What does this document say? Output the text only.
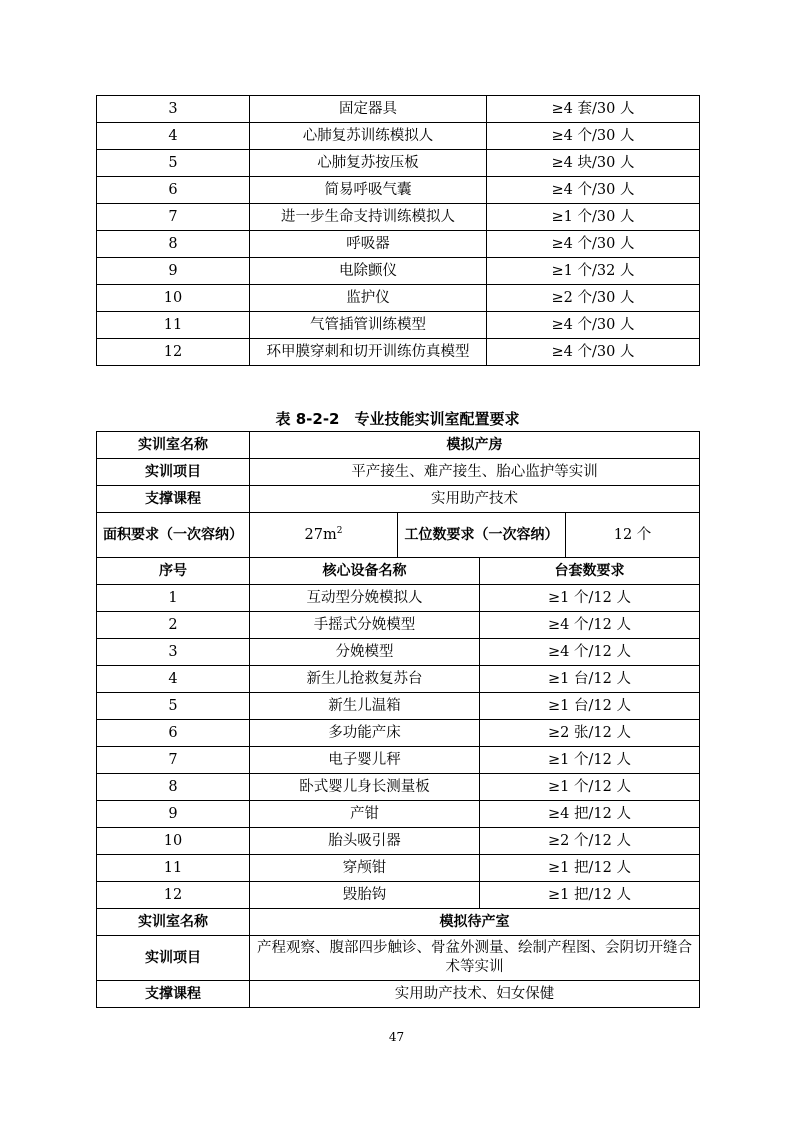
3	固定器具	≥4 套/30 人
4	心肺复苏训练模拟人	≥4 个/30 人
5	心肺复苏按压板	≥4 块/30 人
6	简易呼吸气囊	≥4 个/30 人
7	进一步生命支持训练模拟人	≥1 个/30 人
8	呼吸器	≥4 个/30 人
9	电除颤仪	≥1 个/32 人
10	监护仪	≥2 个/30 人
11	气管插管训练模型	≥4 个/30 人
12	环甲膜穿刺和切开训练仿真模型	≥4 个/30 人
表 8-2-2　专业技能实训室配置要求
实训室名称	模拟产房			
实训项目	平产接生、难产接生、胎心监护等实训			
支撑课程	实用助产技术			
面积要求（一次容纳）	$27m^2$	工位数要求（一次容纳）		12 个
序号	核心设备名称		台套数要求	
1	互动型分娩模拟人		≥1 个/12 人	
2	手摇式分娩模型		≥4 个/12 人	
3	分娩模型		≥4 个/12 人	
4	新生儿抢救复苏台		≥1 台/12 人	
5	新生儿温箱		≥1 台/12 人	
6	多功能产床		≥2 张/12 人	
7	电子婴儿秤		≥1 个/12 人	
8	卧式婴儿身长测量板		≥1 个/12 人	
9	产钳		≥4 把/12 人	
10	胎头吸引器		≥2 个/12 人	
11	穿颅钳		≥1 把/12 人	
12	毁胎钩		≥1 把/12 人	
实训室名称	模拟待产室			
实训项目	产程观察、腹部四步触诊、骨盆外测量、绘制产程图、会阴切开缝合术等实训			
支撑课程	实用助产技术、妇女保健			
47
